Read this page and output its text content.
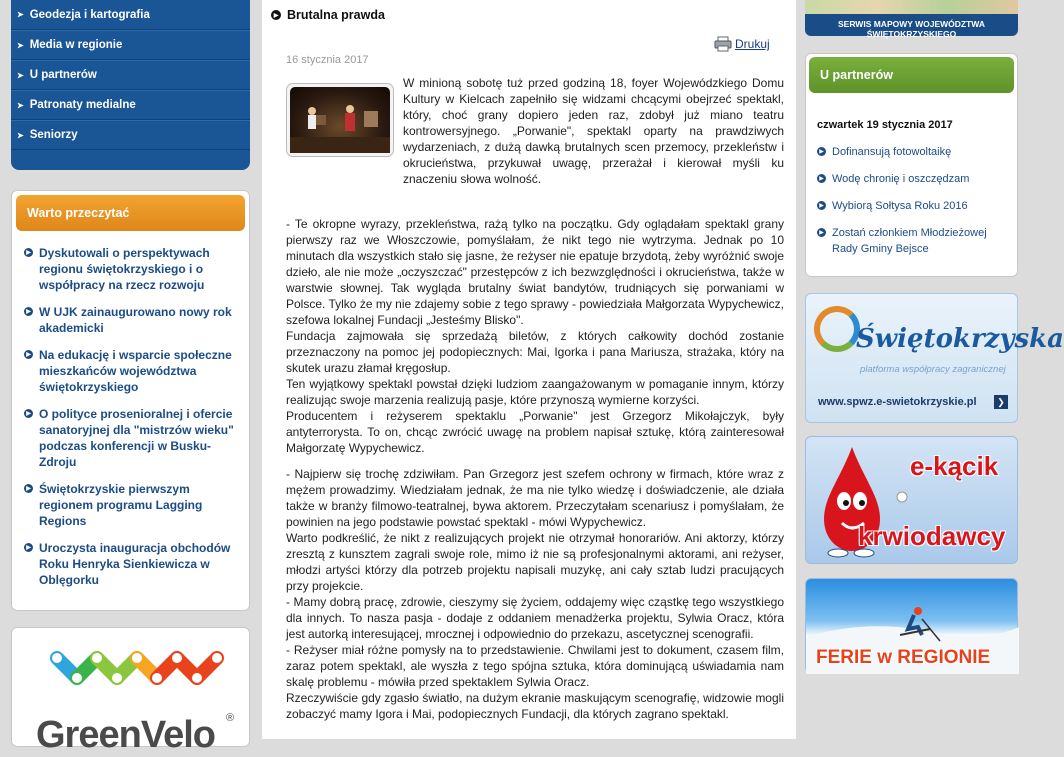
➤ Geodezja i kartografia
➤ Media w regionie
➤ U partnerów
➤ Patronaty medialne
➤ Seniorzy
Warto przeczytać
▶ Dyskutowali o perspektywach regionu świętokrzyskiego i o współpracy na rzecz rozwoju
▶ W UJK zainaugurowano nowy rok akademicki
▶ Na edukację i wsparcie społeczne mieszkańców województwa świętokrzyskiego
▶ O polityce prosenioralnej i ofercie sanatoryjnej dla "mistrzów wieku" podczas konferencji w Busku-Zdroju
▶ Świętokrzyskie pierwszym regionem programu Lagging Regions
▶ Uroczysta inauguracja obchodów Roku Henryka Sienkiewicza w Oblęgorku
GreenVelo ®
▶ Brutalna prawda
Drukuj
16 stycznia 2017
W minioną sobotę tuż przed godziną 18, foyer Wojewódzkiego Domu Kultury w Kielcach zapełniło się widzami chcącymi obejrzeć spektakl, który, choć grany dopiero jeden raz, zdobył już miano teatru kontrowersyjnego. „Porwanie", spektakl oparty na prawdziwych wydarzeniach, z dużą dawką brutalnych scen przemocy, przekleństw i okrucieństwa, przykuwał uwagę, przerażał i kierował myśli ku znaczeniu słowa wolność.

- Te okropne wyrazy, przekleństwa, rażą tylko na początku. Gdy oglądałam spektakl grany pierwszy raz we Włoszczowie, pomyślałam, że nikt tego nie wytrzyma. Jednak po 10 minutach dla wszystkich stało się jasne, że reżyser nie epatuje brzydotą, żeby wyróżnić swoje dzieło, ale nie może „oczyszczać" przestępców z ich bezwzględności i okrucieństwa, także w warstwie słownej. Tak wygląda brutalny świat bandytów, trudniących się porwaniami w Polsce. Tylko że my nie zdajemy sobie z tego sprawy - powiedziała Małgorzata Wypychewicz, szefowa lokalnej Fundacji „Jesteśmy Blisko".

Fundacja zajmowała się sprzedażą biletów, z których całkowity dochód zostanie przeznaczony na pomoc jej podopiecznych: Mai, Igorka i pana Mariusza, strażaka, który na skutek urazu złamał kręgosłup.

Ten wyjątkowy spektakl powstał dzięki ludziom zaangażowanym w pomaganie innym, którzy realizując swoje marzenia realizują pasje, które przynoszą wymierne korzyści.

Producentem i reżyserem spektaklu „Porwanie" jest Grzegorz Mikołajczyk, były antyterrorysta. To on, chcąc zwrócić uwagę na problem napisał sztukę, którą zainteresował Małgorzatę Wypychewicz.

- Najpierw się trochę zdziwiłam. Pan Grzegorz jest szefem ochrony w firmach, które wraz z mężem prowadzimy. Wiedziałam jednak, że ma nie tylko wiedzę i doświadczenie, ale działa także w branży filmowo-teatralnej, bywa aktorem. Przeczytałam scenariusz i pomyślałam, że powinien na jego podstawie powstać spektakl - mówi Wypychewicz.

Warto podkreślić, że nikt z realizujących projekt nie otrzymał honorariów. Ani aktorzy, którzy zresztą z kunsztem zagrali swoje role, mimo iż nie są profesjonalnymi aktorami, ani reżyser, młodzi artyści którzy dla potrzeb projektu napisali muzykę, ani cały sztab ludzi pracujących przy projekcie.

- Mamy dobrą pracę, zdrowie, cieszymy się życiem, oddajemy więc cząstkę tego wszystkiego dla innych. To nasza pasja - dodaje z oddaniem menadżerka projektu, Sylwia Oracz, która jest autorką interesującej, mrocznej i odpowiednio do przekazu, ascetycznej scenografii.

- Reżyser miał różne pomysły na to przedstawienie. Chwilami jest to dokument, czasem film, zaraz potem spektakl, ale wyszła z tego spójna sztuka, która dominującą uświadamia nam skalę problemu - mówiła przed spektaklem Sylwia Oracz.

Rzeczywiście gdy zgasło światło, na dużym ekranie maskującym scenografię, widzowie mogli zobaczyć mamy Igora i Mai, podopiecznych Fundacji, dla których zagrano spektakl.

SERWIS MAPOWY WOJEWÓDZTWA ŚWIĘTOKRZYSKIEGO
U partnerów
czwartek 19 stycznia 2017
▶ Dofinansują fotowoltaikę
▶ Wodę chronię i oszczędzam
▶ Wybiorą Sołtysa Roku 2016
▶ Zostań członkiem Młodzieżowej Rady Gminy Bejsce
Świętokrzyska
platforma współpracy zagranicznej
www.spwz.e-swietokrzyskie.pl	❯
e-kącik
krwiodawcy
FERIE w REGIONIE
